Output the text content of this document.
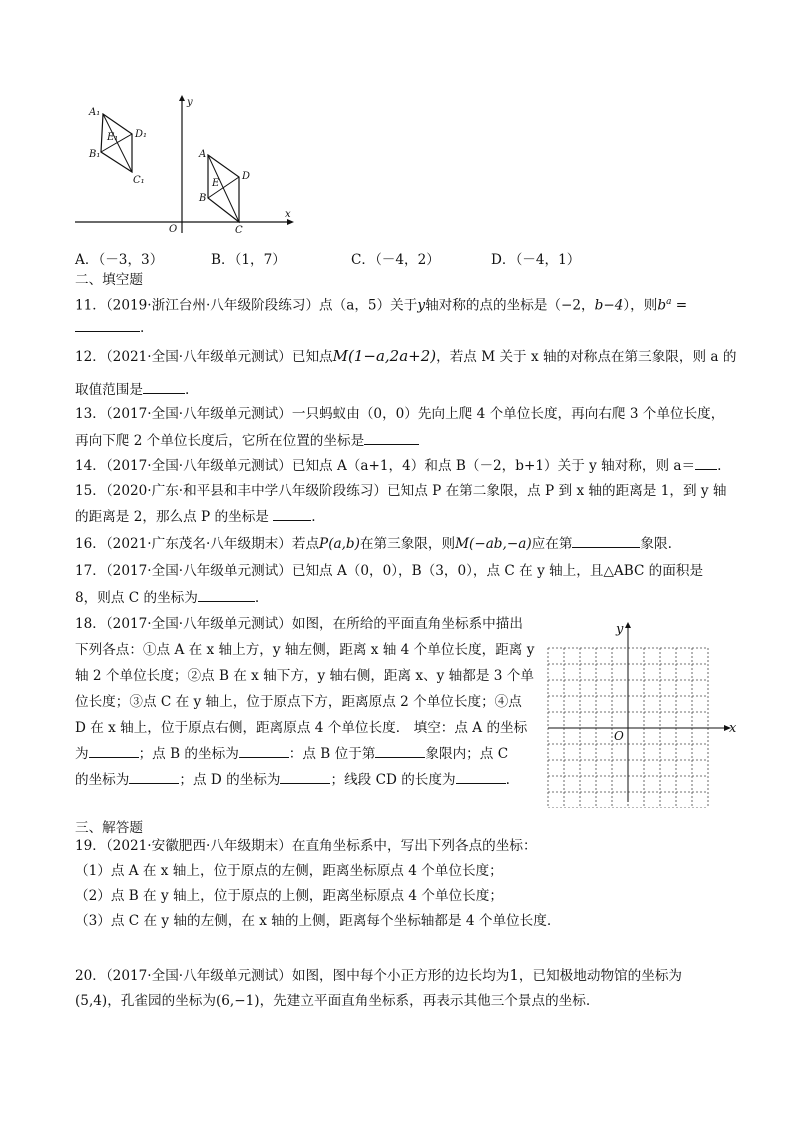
A₁
D₁
E₁
B₁
C₁
A
D
E
B
C
O
x
y
A．（－3，3）	B．（1，7）	C．（－4，2）	D．（－4，1）
二、填空题
11．（2019·浙江台州·八年级阶段练习）点（a，5）关于y轴对称的点的坐标是（−2，b−4），则$b^a$ =
.
12．（2021·全国·八年级单元测试）已知点M(1−a,2a+2)，若点 M 关于 x 轴的对称点在第三象限，则 a 的
取值范围是	.
13．（2017·全国·八年级单元测试）一只蚂蚁由（0，0）先向上爬 4 个单位长度，再向右爬 3 个单位长度，
再向下爬 2 个单位长度后，它所在位置的坐标是
14．（2017·全国·八年级单元测试）已知点 A（a+1，4）和点 B（－2，b+1）关于 y 轴对称，则 a＝ .
15．（2020·广东·和平县和丰中学八年级阶段练习）已知点 P 在第二象限，点 P 到 x 轴的距离是 1，到 y 轴
的距离是 2，那么点 P 的坐标是	.
16．（2021·广东茂名·八年级期末）若点P(a,b)在第三象限，则M(−ab,−a)应在第	象限.
17．（2017·全国·八年级单元测试）已知点 A（0，0），B（3，0），点 C 在 y 轴上，且△ABC 的面积是
8，则点 C 的坐标为	.
18．（2017·全国·八年级单元测试）如图，在所给的平面直角坐标系中描出
下列各点：①点 A 在 x 轴上方，y 轴左侧，距离 x 轴 4 个单位长度，距离 y
轴 2 个单位长度；②点 B 在 x 轴下方，y 轴右侧，距离 x、y 轴都是 3 个单
位长度；③点 C 在 y 轴上，位于原点下方，距离原点 2 个单位长度；④点
D 在 x 轴上，位于原点右侧，距离原点 4 个单位长度． 填空：点 A 的坐标
为	；点 B 的坐标为	：点 B 位于第	象限内；点 C
的坐标为	；点 D 的坐标为	；线段 CD 的长度为	.
x
y
O
三、解答题
19．（2021·安徽肥西·八年级期末）在直角坐标系中，写出下列各点的坐标：
（1）点 A 在 x 轴上，位于原点的左侧，距离坐标原点 4 个单位长度；
（2）点 B 在 y 轴上，位于原点的上侧，距离坐标原点 4 个单位长度；
（3）点 C 在 y 轴的左侧，在 x 轴的上侧，距离每个坐标轴都是 4 个单位长度.
20．（2017·全国·八年级单元测试）如图，图中每个小正方形的边长均为1，已知极地动物馆的坐标为
(5,4)，孔雀园的坐标为(6,−1)，先建立平面直角坐标系，再表示其他三个景点的坐标.
